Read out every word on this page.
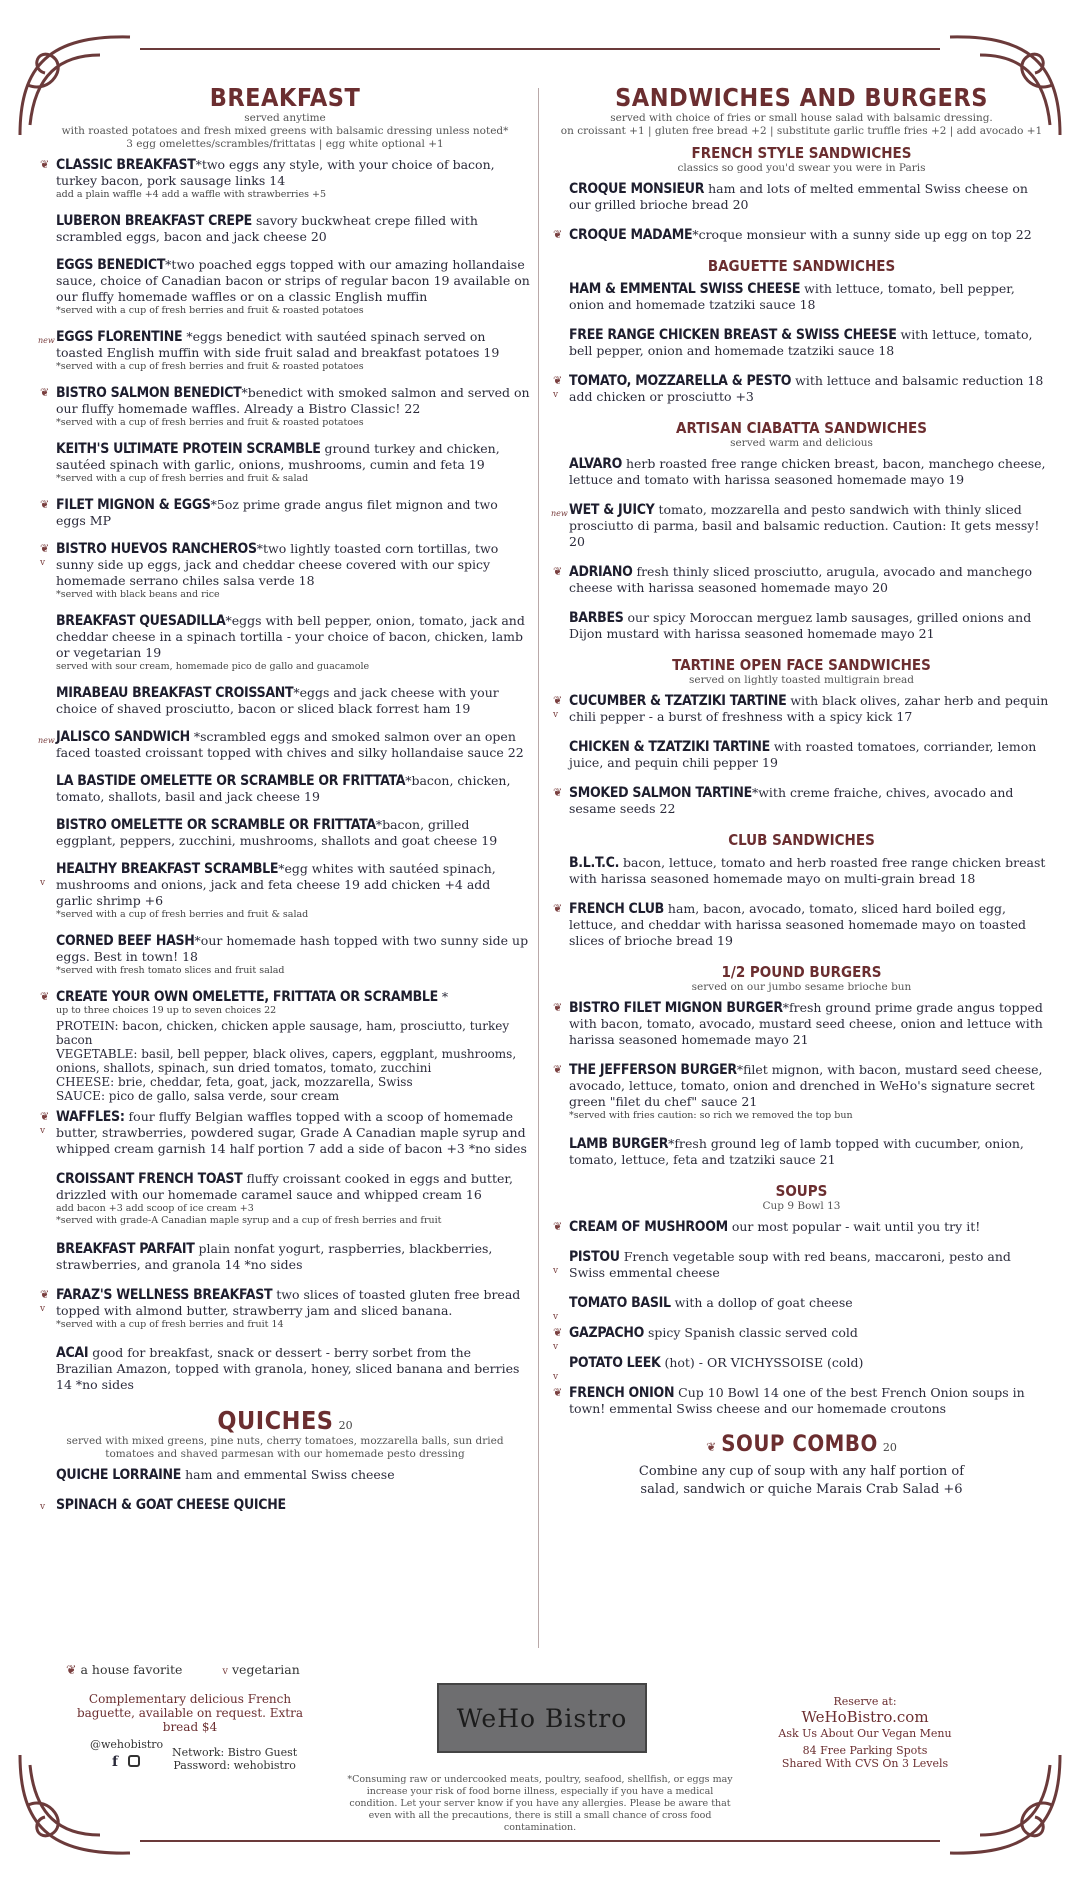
BREAKFAST
served anytime
with roasted potatoes and fresh mixed greens with balsamic dressing unless noted*
3 egg omelettes/scrambles/frittatas | egg white optional +1
❦ CLASSIC BREAKFAST*two eggs any style, with your choice of bacon, turkey bacon, pork sausage links 14
add a plain waffle +4 add a waffle with strawberries +5
LUBERON BREAKFAST CREPE savory buckwheat crepe filled with scrambled eggs, bacon and jack cheese 20
EGGS BENEDICT*two poached eggs topped with our amazing hollandaise sauce, choice of Canadian bacon or strips of regular bacon 19 available on our fluffy homemade waffles or on a classic English muffin
*served with a cup of fresh berries and fruit & roasted potatoes
new EGGS FLORENTINE *eggs benedict with sautéed spinach served on toasted English muffin with side fruit salad and breakfast potatoes 19
*served with a cup of fresh berries and fruit & roasted potatoes
❦ BISTRO SALMON BENEDICT*benedict with smoked salmon and served on our fluffy homemade waffles. Already a Bistro Classic! 22
*served with a cup of fresh berries and fruit & roasted potatoes
KEITH'S ULTIMATE PROTEIN SCRAMBLE ground turkey and chicken, sautéed spinach with garlic, onions, mushrooms, cumin and feta 19
*served with a cup of fresh berries and fruit & salad
❦ FILET MIGNON & EGGS*5oz prime grade angus filet mignon and two eggs MP
❦
v
BISTRO HUEVOS RANCHEROS*two lightly toasted corn tortillas, two sunny side up eggs, jack and cheddar cheese covered with our spicy homemade serrano chiles salsa verde 18
*served with black beans and rice
BREAKFAST QUESADILLA*eggs with bell pepper, onion, tomato, jack and cheddar cheese in a spinach tortilla - your choice of bacon, chicken, lamb or vegetarian 19
served with sour cream, homemade pico de gallo and guacamole
MIRABEAU BREAKFAST CROISSANT*eggs and jack cheese with your choice of shaved prosciutto, bacon or sliced black forrest ham 19
new JALISCO SANDWICH *scrambled eggs and smoked salmon over an open faced toasted croissant topped with chives and silky hollandaise sauce 22
LA BASTIDE OMELETTE OR SCRAMBLE OR FRITTATA*bacon, chicken, tomato, shallots, basil and jack cheese 19
BISTRO OMELETTE OR SCRAMBLE OR FRITTATA*bacon, grilled eggplant, peppers, zucchini, mushrooms, shallots and goat cheese 19
v
HEALTHY BREAKFAST SCRAMBLE*egg whites with sautéed spinach, mushrooms and onions, jack and feta cheese 19 add chicken +4 add garlic shrimp +6
*served with a cup of fresh berries and fruit & salad
CORNED BEEF HASH*our homemade hash topped with two sunny side up eggs. Best in town! 18
*served with fresh tomato slices and fruit salad
❦ CREATE YOUR OWN OMELETTE, FRITTATA OR SCRAMBLE *
up to three choices 19 up to seven choices 22
PROTEIN: bacon, chicken, chicken apple sausage, ham, prosciutto, turkey bacon
VEGETABLE: basil, bell pepper, black olives, capers, eggplant, mushrooms, onions, shallots, spinach, sun dried tomatos, tomato, zucchini
CHEESE: brie, cheddar, feta, goat, jack, mozzarella, Swiss
SAUCE: pico de gallo, salsa verde, sour cream
❦
v
WAFFLES: four fluffy Belgian waffles topped with a scoop of homemade butter, strawberries, powdered sugar, Grade A Canadian maple syrup and whipped cream garnish 14 half portion 7 add a side of bacon +3 *no sides
CROISSANT FRENCH TOAST fluffy croissant cooked in eggs and butter, drizzled with our homemade caramel sauce and whipped cream 16
add bacon +3 add scoop of ice cream +3
*served with grade-A Canadian maple syrup and a cup of fresh berries and fruit
BREAKFAST PARFAIT plain nonfat yogurt, raspberries, blackberries, strawberries, and granola 14 *no sides
❦
v
FARAZ'S WELLNESS BREAKFAST two slices of toasted gluten free bread topped with almond butter, strawberry jam and sliced banana.
*served with a cup of fresh berries and fruit 14
ACAI good for breakfast, snack or dessert - berry sorbet from the Brazilian Amazon, topped with granola, honey, sliced banana and berries 14 *no sides
QUICHES 20
served with mixed greens, pine nuts, cherry tomatoes, mozzarella balls, sun dried tomatoes and shaved parmesan with our homemade pesto dressing
QUICHE LORRAINE ham and emmental Swiss cheese
v SPINACH & GOAT CHEESE QUICHE
SANDWICHES AND BURGERS
served with choice of fries or small house salad with balsamic dressing.
on croissant +1 | gluten free bread +2 | substitute garlic truffle fries +2 | add avocado +1
FRENCH STYLE SANDWICHES
classics so good you'd swear you were in Paris
CROQUE MONSIEUR ham and lots of melted emmental Swiss cheese on our grilled brioche bread 20
❦ CROQUE MADAME*croque monsieur with a sunny side up egg on top 22
BAGUETTE SANDWICHES
HAM & EMMENTAL SWISS CHEESE with lettuce, tomato, bell pepper, onion and homemade tzatziki sauce 18
FREE RANGE CHICKEN BREAST & SWISS CHEESE with lettuce, tomato, bell pepper, onion and homemade tzatziki sauce 18
❦
v
TOMATO, MOZZARELLA & PESTO with lettuce and balsamic reduction 18 add chicken or prosciutto +3
ARTISAN CIABATTA SANDWICHES
served warm and delicious
ALVARO herb roasted free range chicken breast, bacon, manchego cheese, lettuce and tomato with harissa seasoned homemade mayo 19
new WET & JUICY tomato, mozzarella and pesto sandwich with thinly sliced prosciutto di parma, basil and balsamic reduction. Caution: It gets messy! 20
❦ ADRIANO fresh thinly sliced prosciutto, arugula, avocado and manchego cheese with harissa seasoned homemade mayo 20
BARBES our spicy Moroccan merguez lamb sausages, grilled onions and Dijon mustard with harissa seasoned homemade mayo 21
TARTINE OPEN FACE SANDWICHES
served on lightly toasted multigrain bread
❦
v
CUCUMBER & TZATZIKI TARTINE with black olives, zahar herb and pequin chili pepper - a burst of freshness with a spicy kick 17
CHICKEN & TZATZIKI TARTINE with roasted tomatoes, corriander, lemon juice, and pequin chili pepper 19
❦ SMOKED SALMON TARTINE*with creme fraiche, chives, avocado and sesame seeds 22
CLUB SANDWICHES
B.L.T.C. bacon, lettuce, tomato and herb roasted free range chicken breast with harissa seasoned homemade mayo on multi-grain bread 18
❦ FRENCH CLUB ham, bacon, avocado, tomato, sliced hard boiled egg, lettuce, and cheddar with harissa seasoned homemade mayo on toasted slices of brioche bread 19
1/2 POUND BURGERS
served on our jumbo sesame brioche bun
❦ BISTRO FILET MIGNON BURGER*fresh ground prime grade angus topped with bacon, tomato, avocado, mustard seed cheese, onion and lettuce with harissa seasoned homemade mayo 21
❦ THE JEFFERSON BURGER*filet mignon, with bacon, mustard seed cheese, avocado, lettuce, tomato, onion and drenched in WeHo's signature secret green "filet du chef" sauce 21
*served with fries caution: so rich we removed the top bun
LAMB BURGER*fresh ground leg of lamb topped with cucumber, onion, tomato, lettuce, feta and tzatziki sauce 21
SOUPS
Cup 9 Bowl 13
❦ CREAM OF MUSHROOM our most popular - wait until you try it!
v
PISTOU French vegetable soup with red beans, maccaroni, pesto and Swiss emmental cheese
v
TOMATO BASIL with a dollop of goat cheese
❦
v
GAZPACHO spicy Spanish classic served cold
v
POTATO LEEK (hot) - OR VICHYSSOISE (cold)
❦ FRENCH ONION Cup 10 Bowl 14 one of the best French Onion soups in town! emmental Swiss cheese and our homemade croutons
❦ SOUP COMBO 20
Combine any cup of soup with any half portion of
salad, sandwich or quiche Marais Crab Salad +6
❦ a house favorite	v vegetarian
Complementary delicious French baguette, available on request. Extra bread $4
@wehobistro
f
Network: Bistro Guest
Password: wehobistro
WeHo Bistro
Reserve at:
WeHoBistro.com
Ask Us About Our Vegan Menu
84 Free Parking Spots
Shared With CVS On 3 Levels
*Consuming raw or undercooked meats, poultry, seafood, shellfish, or eggs may increase your risk of food borne illness, especially if you have a medical condition. Let your server know if you have any allergies. Please be aware that even with all the precautions, there is still a small chance of cross food contamination.
